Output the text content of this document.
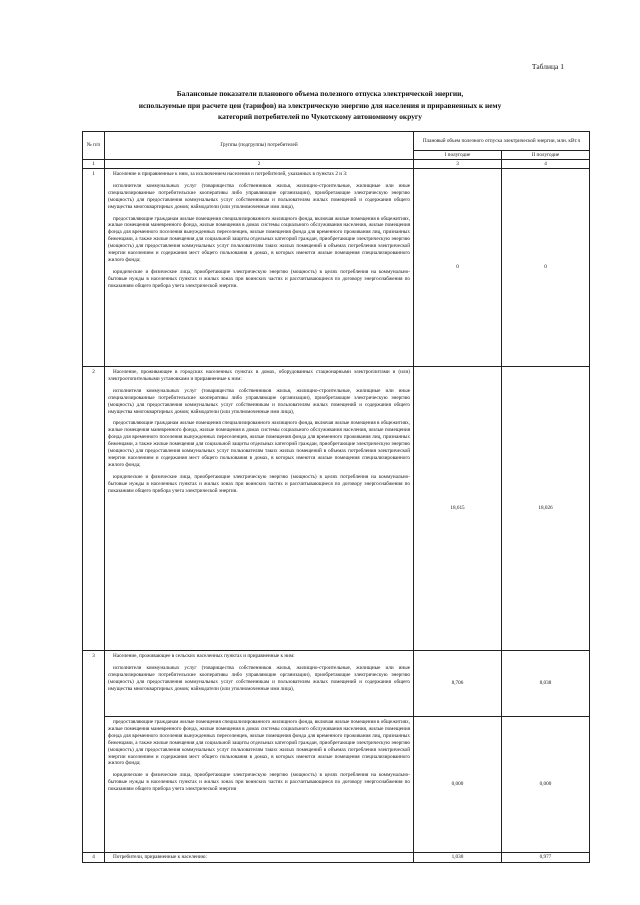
Таблица 1
Балансовые показатели планового объема полезного отпуска электрической энергии,
используемые при расчете цен (тарифов) на электрическую энергию для населения и приравненных к нему
категорий потребителей по Чукотскому автономному округу
№ п/п	Группы (подгруппы) потребителей	Плановый объем полезного отпуска электрической энергии, млн. кВт.ч	
		I полугодие	II полугодие
1	2	3	4
1	Население и приравненные к ним, за исключением населения и потребителей, указанных в пунктах 2 и 3:

исполнители коммунальных услуг (товарищества собственников жилья, жилищно-строительные, жилищные или иные специализированные потребительские кооперативы либо управляющие организации), приобретающие электрическую энергию (мощность) для предоставления коммунальных услуг собственникам и пользователям жилых помещений и содержания общего имущества многоквартирных домов; наймодатели (или уполномоченные ими лица),

предоставляющие гражданам жилые помещения специализированного жилищного фонда, включая жилые помещения в общежитиях, жилые помещения маневренного фонда, жилые помещения в домах системы социального обслуживания населения, жилые помещения фонда для временного поселения вынужденных переселенцев, жилые помещения фонда для временного проживания лиц, признанных беженцами, а также жилые помещения для социальной защиты отдельных категорий граждан, приобретающие электрическую энергию (мощность) для предоставления коммунальных услуг пользователям таких жилых помещений в объемах потребления электрической энергии населением и содержания мест общего пользования в домах, в которых имеются жилые помещения специализированного жилого фонда;

юридические и физические лица, приобретающие электрическую энергию (мощность) в целях потребления на коммунально-бытовые нужды в населенных пунктах и жилых зонах при воинских частях и рассчитывающиеся по договору энергоснабжения по показаниям общего прибора учета электрической энергии.	0	0
2	Население, проживающее в городских населенных пунктах в домах, оборудованных стационарными электроплитами и (или) электроотопительными установками и приравненные к ним:

исполнители коммунальных услуг (товарищества собственников жилья, жилищно-строительные, жилищные или иные специализированные потребительские кооперативы либо управляющие организации), приобретающие электрическую энергию (мощность) для предоставления коммунальных услуг собственникам и пользователям жилых помещений и содержания общего имущества многоквартирных домов; наймодатели (или уполномоченные ими лица),

предоставляющие гражданам жилые помещения специализированного жилищного фонда, включая жилые помещения в общежитиях, жилые помещения маневренного фонда, жилые помещения в домах системы социального обслуживания населения, жилые помещения фонда для временного поселения вынужденных переселенцев, жилые помещения фонда для временного проживания лиц, признанных беженцами, а также жилые помещения для социальной защиты отдельных категорий граждан, приобретающие электрическую энергию (мощность) для предоставления коммунальных услуг пользователям таких жилых помещений в объемах потребления электрической энергии населением и содержания мест общего пользования в домах, в которых имеются жилые помещения специализированного жилого фонда;

юридические и физические лица, приобретающие электрическую энергию (мощность) в целях потребления на коммунально-бытовые нужды в населенных пунктах и жилых зонах при воинских частях и рассчитывающиеся по договору энергоснабжения по показаниям общего прибора учета электрической энергии.	18,615	18,026
3	Население, проживающее в сельских населенных пунктах и приравненные к ним:

исполнители коммунальных услуг (товарищества собственников жилья, жилищно-строительные, жилищные или иные специализированные потребительские кооперативы либо управляющие организации), приобретающие электрическую энергию (мощность) для предоставления коммунальных услуг собственникам и пользователям жилых помещений и содержания общего имущества многоквартирных домов; наймодатели (или уполномоченные ими лица),	8,706	8,038

	предоставляющие гражданам жилые помещения специализированного жилищного фонда, включая жилые помещения в общежитиях, жилые помещения маневренного фонда, жилые помещения в домах системы социального обслуживания населения, жилые помещения фонда для временного поселения вынужденных переселенцев, жилые помещения фонда для временного проживания лиц, признанных беженцами, а также жилые помещения для социальной защиты отдельных категорий граждан, приобретающие электрическую энергию (мощность) для предоставления коммунальных услуг пользователям таких жилых помещений в объемах потребления электрической энергии населением и содержания мест общего пользования в домах, в которых имеются жилые помещения специализированного жилого фонда;

юридические и физические лица, приобретающие электрическую энергию (мощность) в целях потребления на коммунально-бытовые нужды в населенных пунктах и жилых зонах при воинских частях и рассчитывающиеся по договору энергоснабжения по показаниям общего прибора учета электрической энергии	0,000	0,000
4	Потребители, приравненные к населению:	1,030	0,977
